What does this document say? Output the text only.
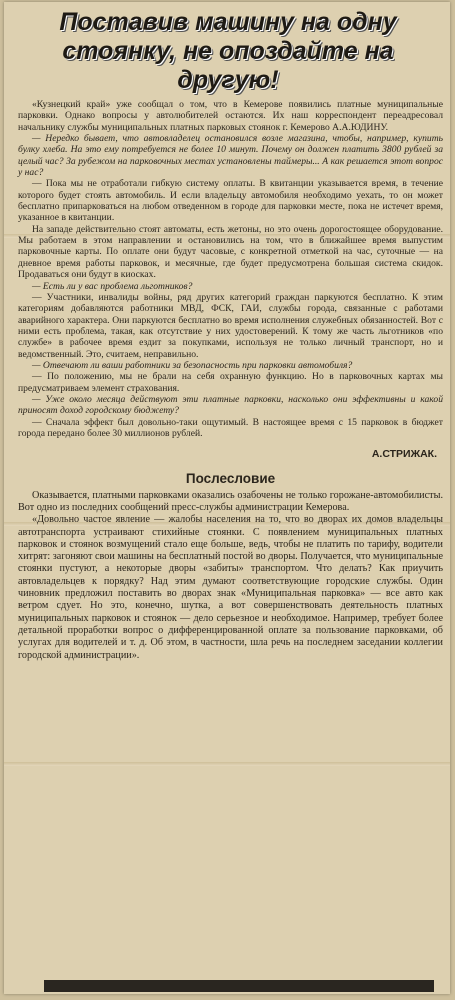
Поставив машину на одну стоянку, не опоздайте на другую!

«Кузнецкий край» уже сообщал о том, что в Кемерове появились платные муниципальные парковки. Однако вопросы у автолюбителей остаются. Их наш корреспондент переадресовал начальнику службы муниципальных платных парковых стоянок г. Кемерово А.А.ЮДИНУ.

— Нередко бывает, что автовладелец остановился возле магазина, чтобы, например, купить булку хлеба. На это ему потребуется не более 10 минут. Почему он должен платить 3800 рублей за целый час? За рубежом на парковочных местах установлены таймеры... А как решается этот вопрос у нас?

— Пока мы не отработали гибкую систему оплаты. В квитанции указывается время, в течение которого будет стоять автомобиль. И если владельцу автомобиля необходимо уехать, то он может бесплатно припарковаться на любом отведенном в городе для парковки месте, пока не истечет время, указанное в квитанции.

На западе действительно стоят автоматы, есть жетоны, но это очень дорогостоящее оборудование. Мы работаем в этом направлении и остановились на том, что в ближайшее время выпустим парковочные карты. По оплате они будут часовые, с конкретной отметкой на час, суточные — на дневное время работы парковок, и месячные, где будет предусмотрена большая система скидок. Продаваться они будут в киосках.

— Есть ли у вас проблема льготников?

— Участники, инвалиды войны, ряд других категорий граждан паркуются бесплатно. К этим категориям добавляются работники МВД, ФСК, ГАИ, службы города, связанные с работами аварийного характера. Они паркуются бесплатно во время исполнения служебных обязанностей. Вот с ними есть проблема, такая, как отсутствие у них удостоверений. К тому же часть льготников «по службе» в рабочее время ездит за покупками, используя не только личный транспорт, но и ведомственный. Это, считаем, неправильно.

— Отвечают ли ваши работники за безопасность при парковки автомобиля?

— По положению, мы не брали на себя охранную функцию. Но в парковочных картах мы предусматриваем элемент страхования.

— Уже около месяца действуют эти платные парковки, насколько они эффективны и какой приносят доход городскому бюджету?

— Сначала эффект был довольно-таки ощутимый. В настоящее время с 15 парковок в бюджет города передано более 30 миллионов рублей.

А.СТРИЖАК.

Послесловие

Оказывается, платными парковками оказались озабочены не только горожане-автомобилисты. Вот одно из последних сообщений пресс-службы администрации Кемерова.

«Довольно частое явление — жалобы населения на то, что во дворах их домов владельцы автотранспорта устраивают стихийные стоянки. С появлением муниципальных платных парковок и стоянок возмущений стало еще больше, ведь, чтобы не платить по тарифу, водители хитрят: загоняют свои машины на бесплатный постой во дворы. Получается, что муниципальные стоянки пустуют, а некоторые дворы «забиты» транспортом. Что делать? Как приучить автовладельцев к порядку? Над этим думают соответствующие городские службы. Один чиновник предложил поставить во дворах знак «Муниципальная парковка» — все авто как ветром сдует. Но это, конечно, шутка, а вот совершенствовать деятельность платных муниципальных парковок и стоянок — дело серьезное и необходимое. Например, требует более детальной проработки вопрос о дифференцированной оплате за пользование парковками, об услугах для водителей и т. д. Об этом, в частности, шла речь на последнем заседании коллегии городской администрации».
